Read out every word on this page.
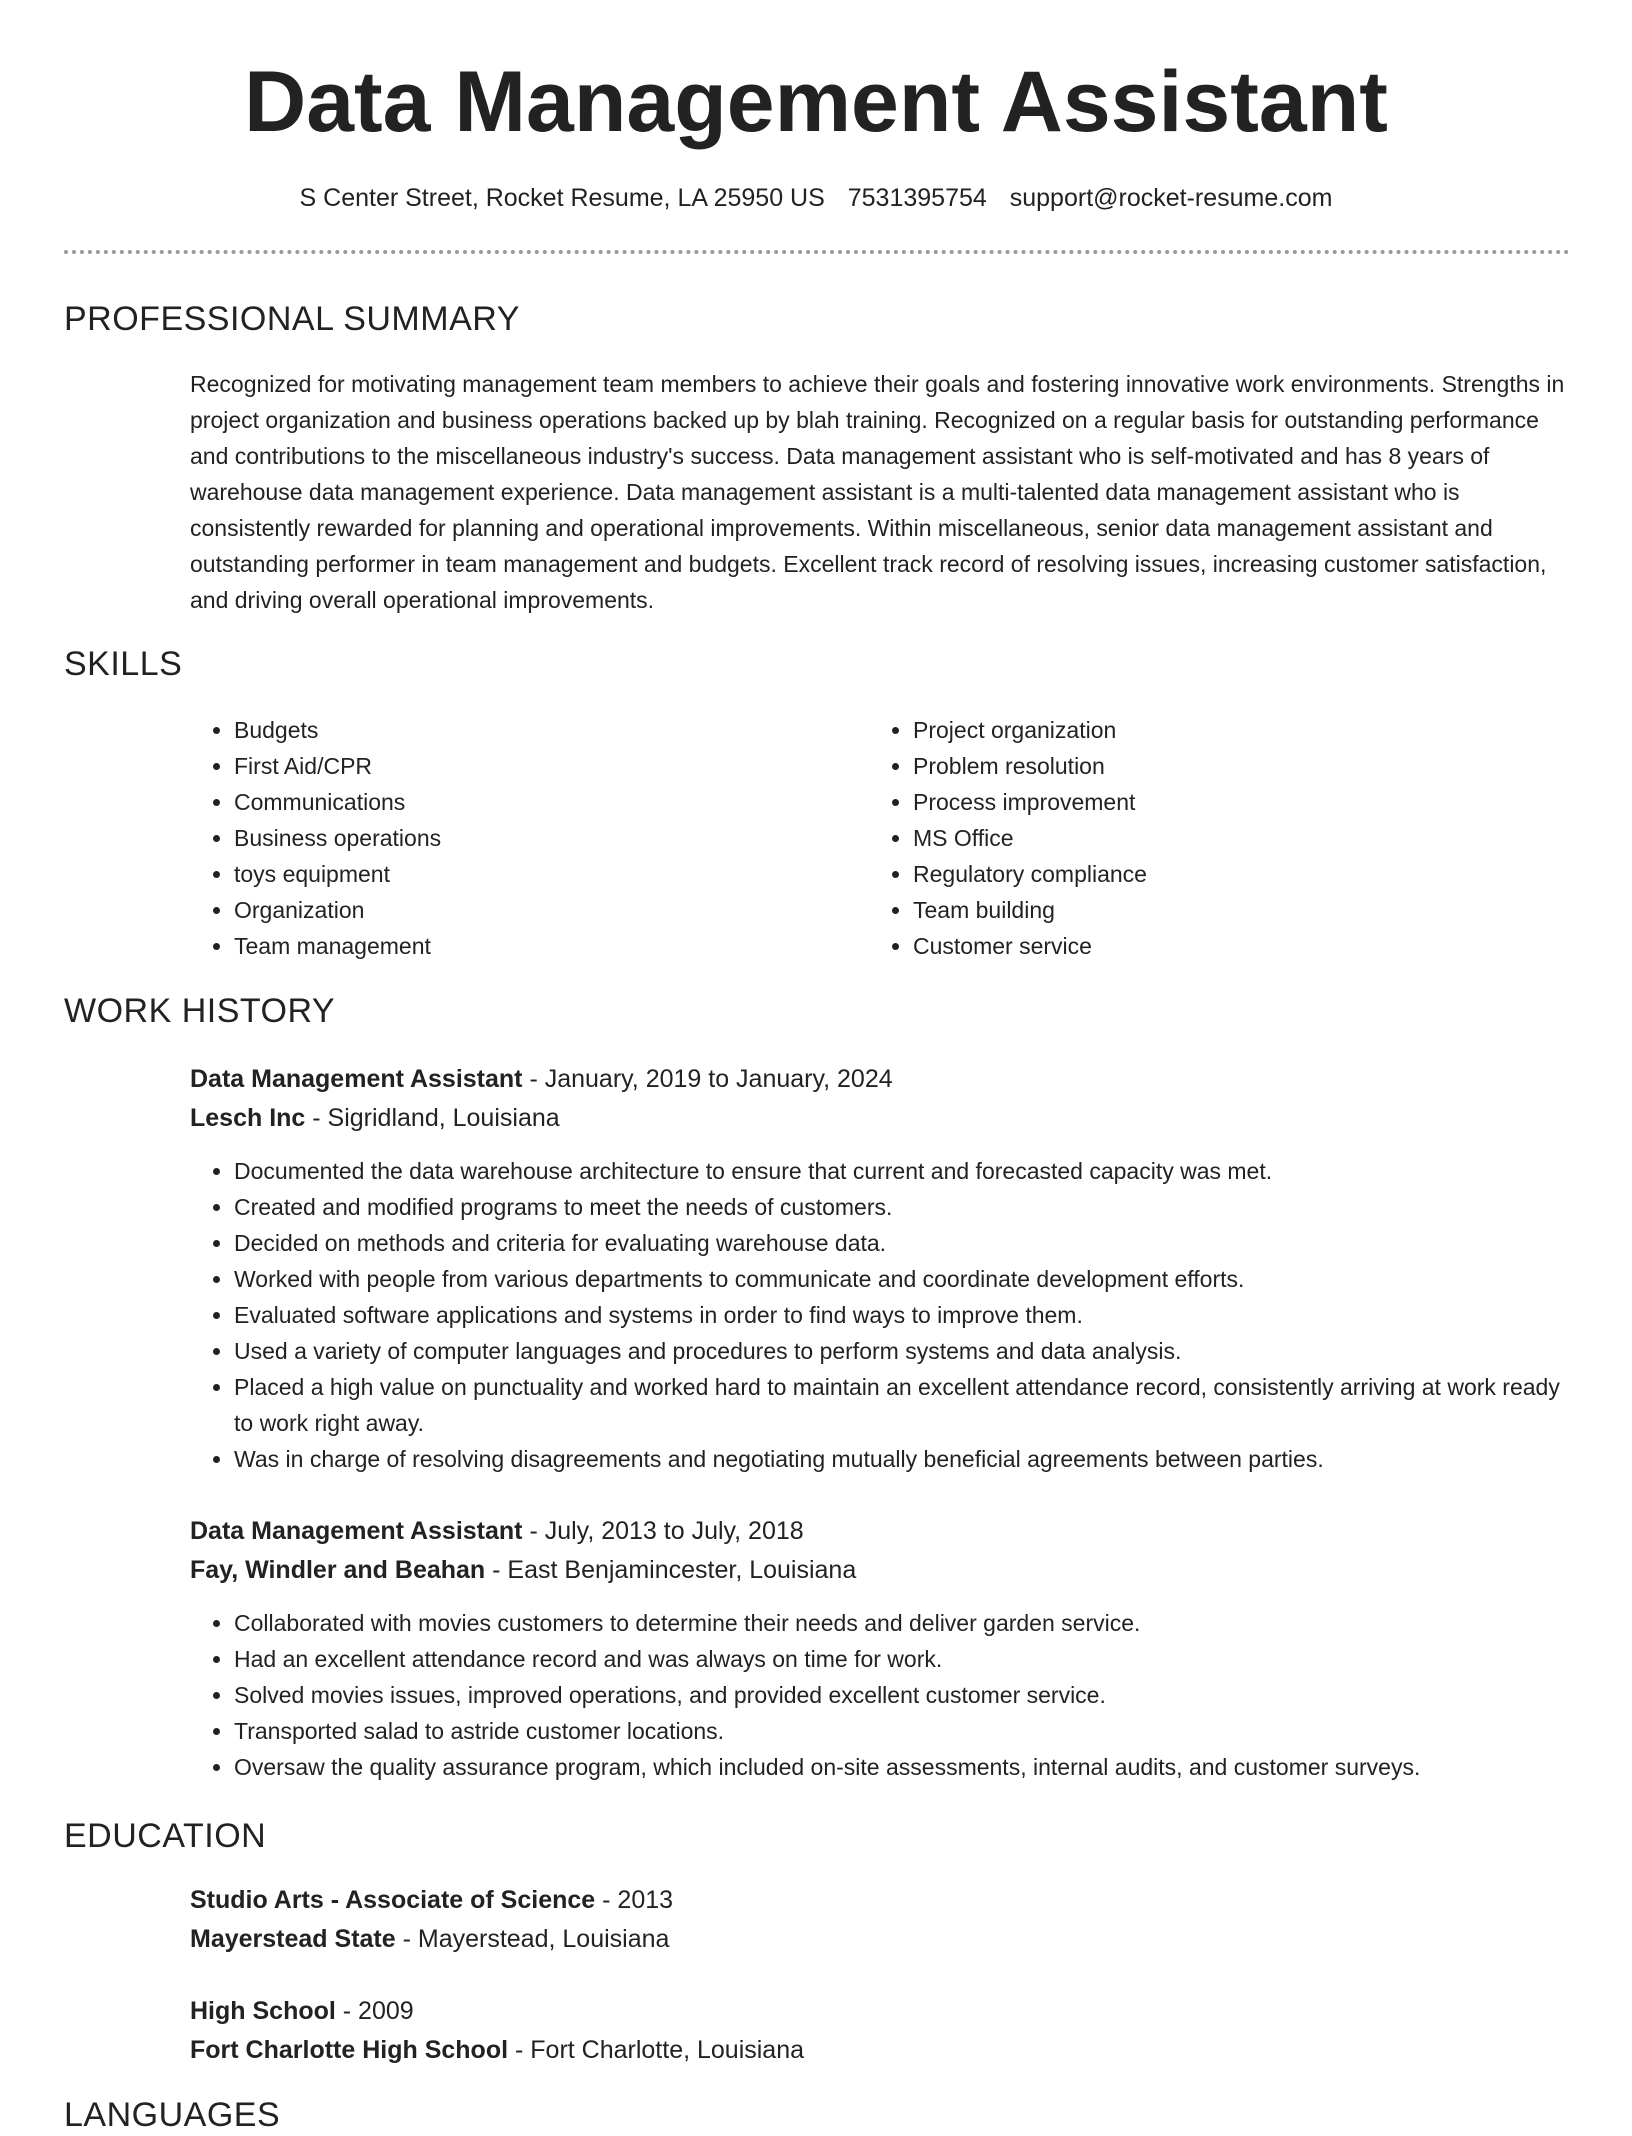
Data Management Assistant
S Center Street, Rocket Resume, LA 25950 US 7531395754 support@rocket-resume.com
PROFESSIONAL SUMMARY
Recognized for motivating management team members to achieve their goals and fostering innovative work environments. Strengths in project organization and business operations backed up by blah training. Recognized on a regular basis for outstanding performance and contributions to the miscellaneous industry's success. Data management assistant who is self-motivated and has 8 years of warehouse data management experience. Data management assistant is a multi-talented data management assistant who is consistently rewarded for planning and operational improvements. Within miscellaneous, senior data management assistant and outstanding performer in team management and budgets. Excellent track record of resolving issues, increasing customer satisfaction, and driving overall operational improvements.
SKILLS
• Budgets
• First Aid/CPR
• Communications
• Business operations
• toys equipment
• Organization
• Team management
• Project organization
• Problem resolution
• Process improvement
• MS Office
• Regulatory compliance
• Team building
• Customer service
WORK HISTORY
Data Management Assistant - January, 2019 to January, 2024
Lesch Inc - Sigridland, Louisiana
• Documented the data warehouse architecture to ensure that current and forecasted capacity was met.
• Created and modified programs to meet the needs of customers.
• Decided on methods and criteria for evaluating warehouse data.
• Worked with people from various departments to communicate and coordinate development efforts.
• Evaluated software applications and systems in order to find ways to improve them.
• Used a variety of computer languages and procedures to perform systems and data analysis.
• Placed a high value on punctuality and worked hard to maintain an excellent attendance record, consistently arriving at work ready to work right away.
• Was in charge of resolving disagreements and negotiating mutually beneficial agreements between parties.
Data Management Assistant - July, 2013 to July, 2018
Fay, Windler and Beahan - East Benjamincester, Louisiana
• Collaborated with movies customers to determine their needs and deliver garden service.
• Had an excellent attendance record and was always on time for work.
• Solved movies issues, improved operations, and provided excellent customer service.
• Transported salad to astride customer locations.
• Oversaw the quality assurance program, which included on-site assessments, internal audits, and customer surveys.
EDUCATION
Studio Arts - Associate of Science - 2013
Mayerstead State - Mayerstead, Louisiana
High School - 2009
Fort Charlotte High School - Fort Charlotte, Louisiana
LANGUAGES
